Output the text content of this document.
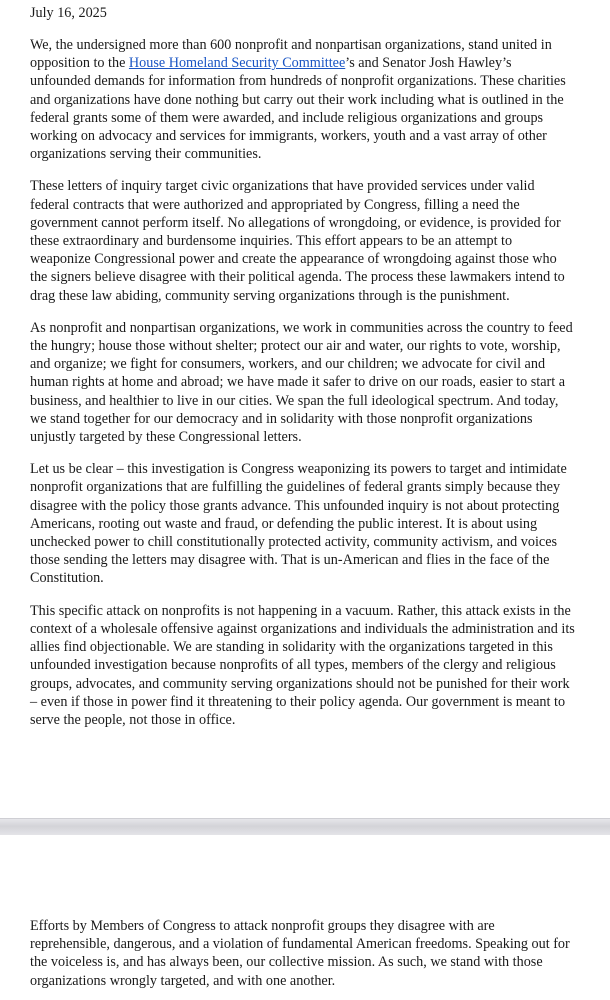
July 16, 2025

We, the undersigned more than 600 nonprofit and nonpartisan organizations, stand united in opposition to the House Homeland Security Committee’s and Senator Josh Hawley’s unfounded demands for information from hundreds of nonprofit organizations. These charities and organizations have done nothing but carry out their work including what is outlined in the federal grants some of them were awarded, and include religious organizations and groups working on advocacy and services for immigrants, workers, youth and a vast array of other organizations serving their communities.

These letters of inquiry target civic organizations that have provided services under valid federal contracts that were authorized and appropriated by Congress, filling a need the government cannot perform itself. No allegations of wrongdoing, or evidence, is provided for these extraordinary and burdensome inquiries. This effort appears to be an attempt to weaponize Congressional power and create the appearance of wrongdoing against those who the signers believe disagree with their political agenda. The process these lawmakers intend to drag these law abiding, community serving organizations through is the punishment.

As nonprofit and nonpartisan organizations, we work in communities across the country to feed the hungry; house those without shelter; protect our air and water, our rights to vote, worship, and organize; we fight for consumers, workers, and our children; we advocate for civil and human rights at home and abroad; we have made it safer to drive on our roads, easier to start a business, and healthier to live in our cities. We span the full ideological spectrum. And today, we stand together for our democracy and in solidarity with those nonprofit organizations unjustly targeted by these Congressional letters.

Let us be clear – this investigation is Congress weaponizing its powers to target and intimidate nonprofit organizations that are fulfilling the guidelines of federal grants simply because they disagree with the policy those grants advance. This unfounded inquiry is not about protecting Americans, rooting out waste and fraud, or defending the public interest. It is about using unchecked power to chill constitutionally protected activity, community activism, and voices those sending the letters may disagree with. That is un-American and flies in the face of the Constitution.

This specific attack on nonprofits is not happening in a vacuum. Rather, this attack exists in the context of a wholesale offensive against organizations and individuals the administration and its allies find objectionable. We are standing in solidarity with the organizations targeted in this unfounded investigation because nonprofits of all types, members of the clergy and religious groups, advocates, and community serving organizations should not be punished for their work – even if those in power find it threatening to their policy agenda. Our government is meant to serve the people, not those in office.

Efforts by Members of Congress to attack nonprofit groups they disagree with are reprehensible, dangerous, and a violation of fundamental American freedoms. Speaking out for the voiceless is, and has always been, our collective mission. As such, we stand with those organizations wrongly targeted, and with one another.
